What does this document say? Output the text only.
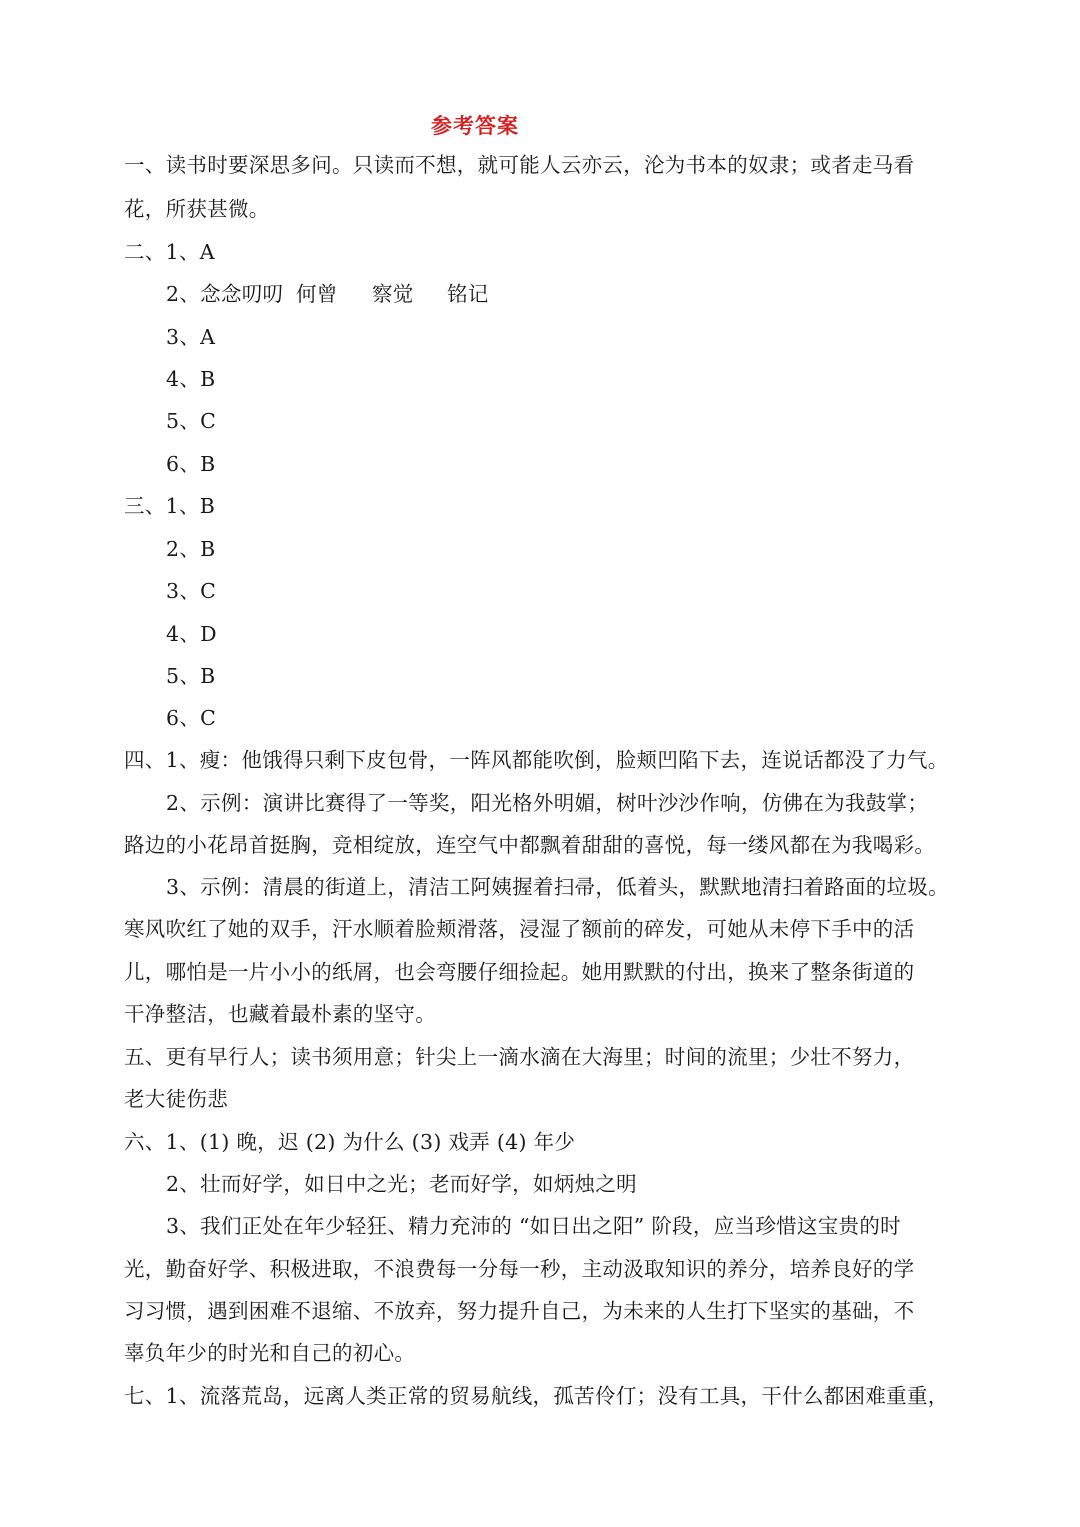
参考答案
一、读书时要深思多问。只读而不想，就可能人云亦云，沦为书本的奴隶；或者走马看
花，所获甚微。
二、1、A
2、念念叨叨 何曾 察觉 铭记
3、A
4、B
5、C
6、B
三、1、B
2、B
3、C
4、D
5、B
6、C
四、1、瘦：他饿得只剩下皮包骨，一阵风都能吹倒，脸颊凹陷下去，连说话都没了力气。
2、示例：演讲比赛得了一等奖，阳光格外明媚，树叶沙沙作响，仿佛在为我鼓掌；
路边的小花昂首挺胸，竞相绽放，连空气中都飘着甜甜的喜悦，每一缕风都在为我喝彩。
3、示例：清晨的街道上，清洁工阿姨握着扫帚，低着头，默默地清扫着路面的垃圾。
寒风吹红了她的双手，汗水顺着脸颊滑落，浸湿了额前的碎发，可她从未停下手中的活
儿，哪怕是一片小小的纸屑，也会弯腰仔细捡起。她用默默的付出，换来了整条街道的
干净整洁，也藏着最朴素的坚守。
五、更有早行人；读书须用意；针尖上一滴水滴在大海里；时间的流里；少壮不努力，
老大徒伤悲
六、1、(1) 晚，迟 (2) 为什么 (3) 戏弄 (4) 年少
2、壮而好学，如日中之光；老而好学，如炳烛之明
3、我们正处在年少轻狂、精力充沛的 “如日出之阳” 阶段，应当珍惜这宝贵的时
光，勤奋好学、积极进取，不浪费每一分每一秒，主动汲取知识的养分，培养良好的学
习习惯，遇到困难不退缩、不放弃，努力提升自己，为未来的人生打下坚实的基础，不
辜负年少的时光和自己的初心。
七、1、流落荒岛，远离人类正常的贸易航线，孤苦伶仃；没有工具，干什么都困难重重，
